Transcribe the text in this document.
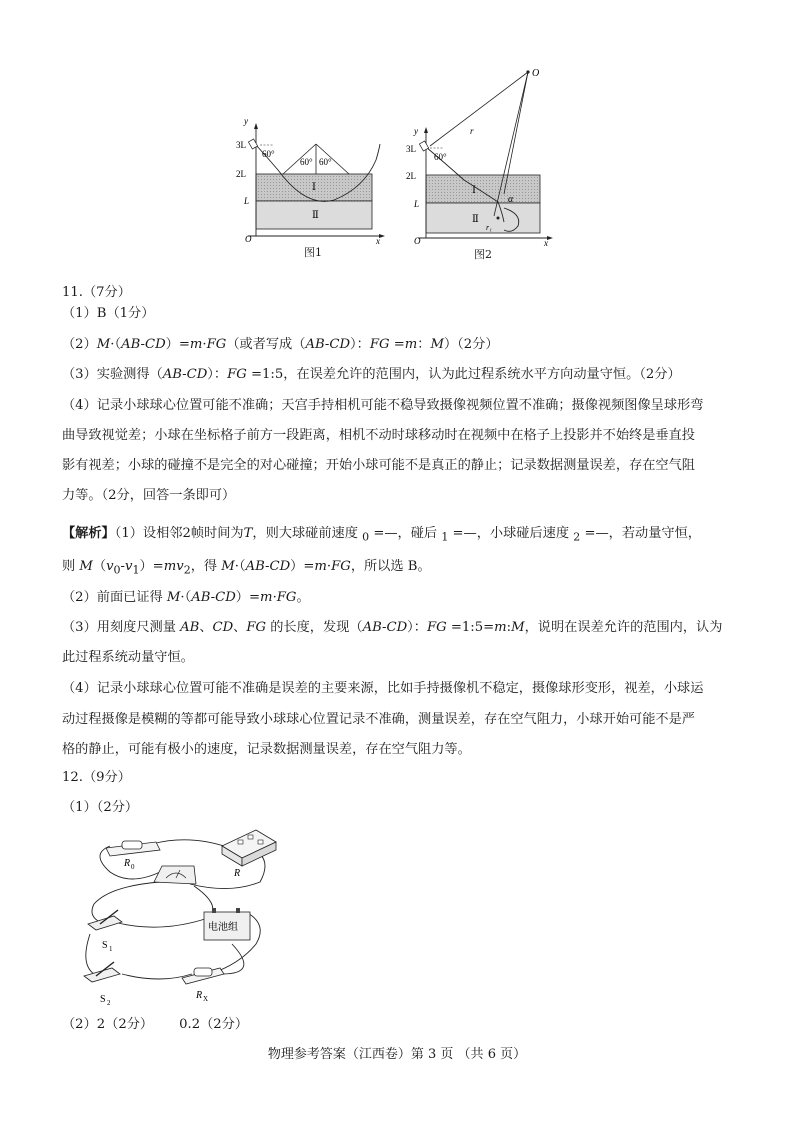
y
x
O
3L
2L
L
60°
60° 60°
Ⅰ
Ⅱ
图1
y
x
O
3L
2L
L
60°
O
r
α
r₁
Ⅰ
Ⅱ
图2
11.（7分）
（1）B（1分）
（2）M·（AB-CD）=m·FG（或者写成（AB-CD）：FG =m：M）（2分）
（3）实验测得（AB-CD）：FG =1:5，在误差允许的范围内，认为此过程系统水平方向动量守恒。（2分）
（4）记录小球球心位置可能不准确；天宫手持相机可能不稳导致摄像视频位置不准确；摄像视频图像呈球形弯
曲导致视觉差；小球在坐标格子前方一段距离，相机不动时球移动时在视频中在格子上投影并不始终是垂直投
影有视差；小球的碰撞不是完全的对心碰撞；开始小球可能不是真正的静止；记录数据测量误差，存在空气阻
力等。（2分，回答一条即可）
【解析】（1）设相邻2帧时间为T，则大球碰前速度 $_0$ =—，碰后 $_1$ =—，小球碰后速度 $_2$ =—，若动量守恒，
则 $M(v_0-v_1)=mv_2$，得 M·（AB-CD）=m·FG，所以选 B。
（2）前面已证得 M·（AB-CD）=m·FG。
（3）用刻度尺测量 AB、CD、FG 的长度，发现（AB-CD）：FG =1:5=m:M，说明在误差允许的范围内，认为
此过程系统动量守恒。
（4）记录小球球心位置可能不准确是误差的主要来源，比如手持摄像机不稳定，摄像球形变形，视差，小球运
动过程摄像是模糊的等都可能导致小球球心位置记录不准确，测量误差，存在空气阻力，小球开始可能不是严
格的静止，可能有极小的速度，记录数据测量误差，存在空气阻力等。
12.（9分）
（1）（2分）
R 0
R
电池组
S 1
S 2
R X
（2）2（2分） 0.2（2分）
物理参考答案（江西卷）第 3 页 （共 6 页）
